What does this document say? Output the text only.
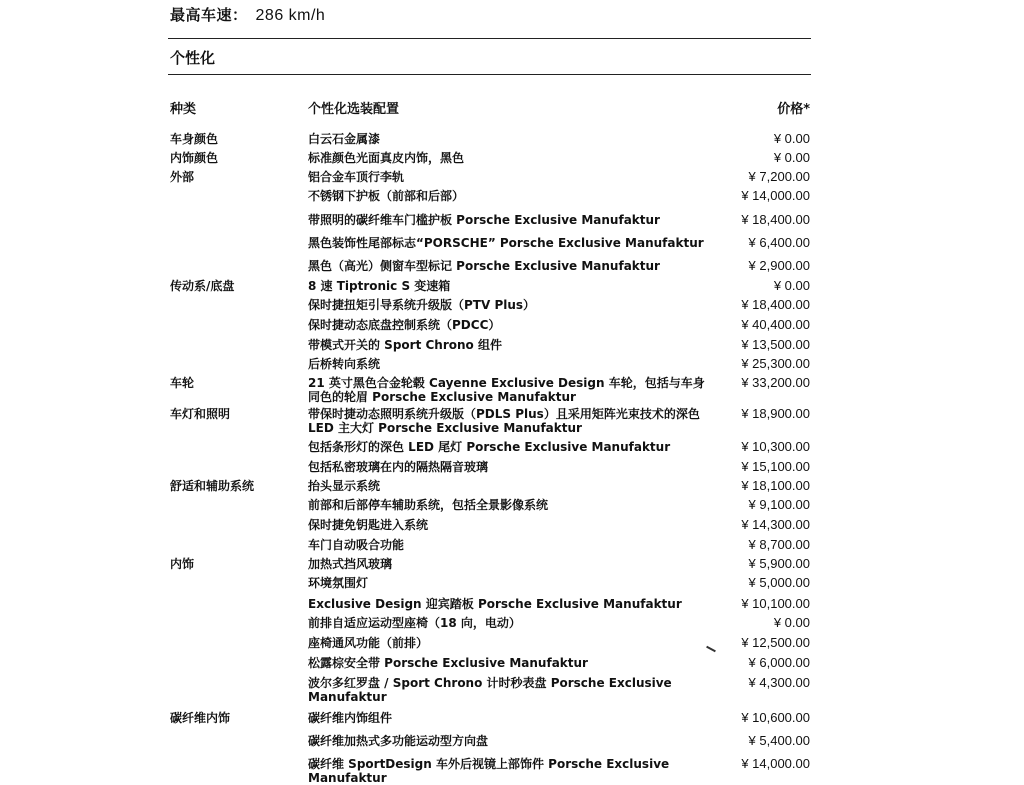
最高车速： 286 km/h
个性化
种类	个性化选装配置	价格*
车身颜色	白云石金属漆	¥ 0.00
内饰颜色	标准颜色光面真皮内饰，黑色	¥ 0.00
外部	铝合金车顶行李轨	¥ 7,200.00
不锈钢下护板（前部和后部）	¥ 14,000.00
带照明的碳纤维车门槛护板 Porsche Exclusive Manufaktur	¥ 18,400.00
黑色装饰性尾部标志“PORSCHE” Porsche Exclusive Manufaktur	¥ 6,400.00
黑色（高光）侧窗车型标记 Porsche Exclusive Manufaktur	¥ 2,900.00
传动系/底盘	8 速 Tiptronic S 变速箱	¥ 0.00
保时捷扭矩引导系统升级版（PTV Plus）	¥ 18,400.00
保时捷动态底盘控制系统（PDCC）	¥ 40,400.00
带模式开关的 Sport Chrono 组件	¥ 13,500.00
后桥转向系统	¥ 25,300.00
车轮	21 英寸黑色合金轮毂 Cayenne Exclusive Design 车轮，包括与车身同色的轮眉 Porsche Exclusive Manufaktur
¥ 33,200.00
车灯和照明	带保时捷动态照明系统升级版（PDLS Plus）且采用矩阵光束技术的深色 LED 主大灯 Porsche Exclusive Manufaktur
¥ 18,900.00
包括条形灯的深色 LED 尾灯 Porsche Exclusive Manufaktur	¥ 10,300.00
包括私密玻璃在内的隔热隔音玻璃	¥ 15,100.00
舒适和辅助系统	抬头显示系统	¥ 18,100.00
前部和后部停车辅助系统，包括全景影像系统	¥ 9,100.00
保时捷免钥匙进入系统	¥ 14,300.00
车门自动吸合功能	¥ 8,700.00
内饰	加热式挡风玻璃	¥ 5,900.00
环境氛围灯	¥ 5,000.00
Exclusive Design 迎宾踏板 Porsche Exclusive Manufaktur	¥ 10,100.00
前排自适应运动型座椅（18 向，电动）	¥ 0.00
座椅通风功能（前排）	¥ 12,500.00
松露棕安全带 Porsche Exclusive Manufaktur	¥ 6,000.00
波尔多红罗盘 / Sport Chrono 计时秒表盘 Porsche Exclusive Manufaktur
¥ 4,300.00
碳纤维内饰	碳纤维内饰组件	¥ 10,600.00
碳纤维加热式多功能运动型方向盘	¥ 5,400.00
碳纤维 SportDesign 车外后视镜上部饰件 Porsche Exclusive Manufaktur
¥ 14,000.00
